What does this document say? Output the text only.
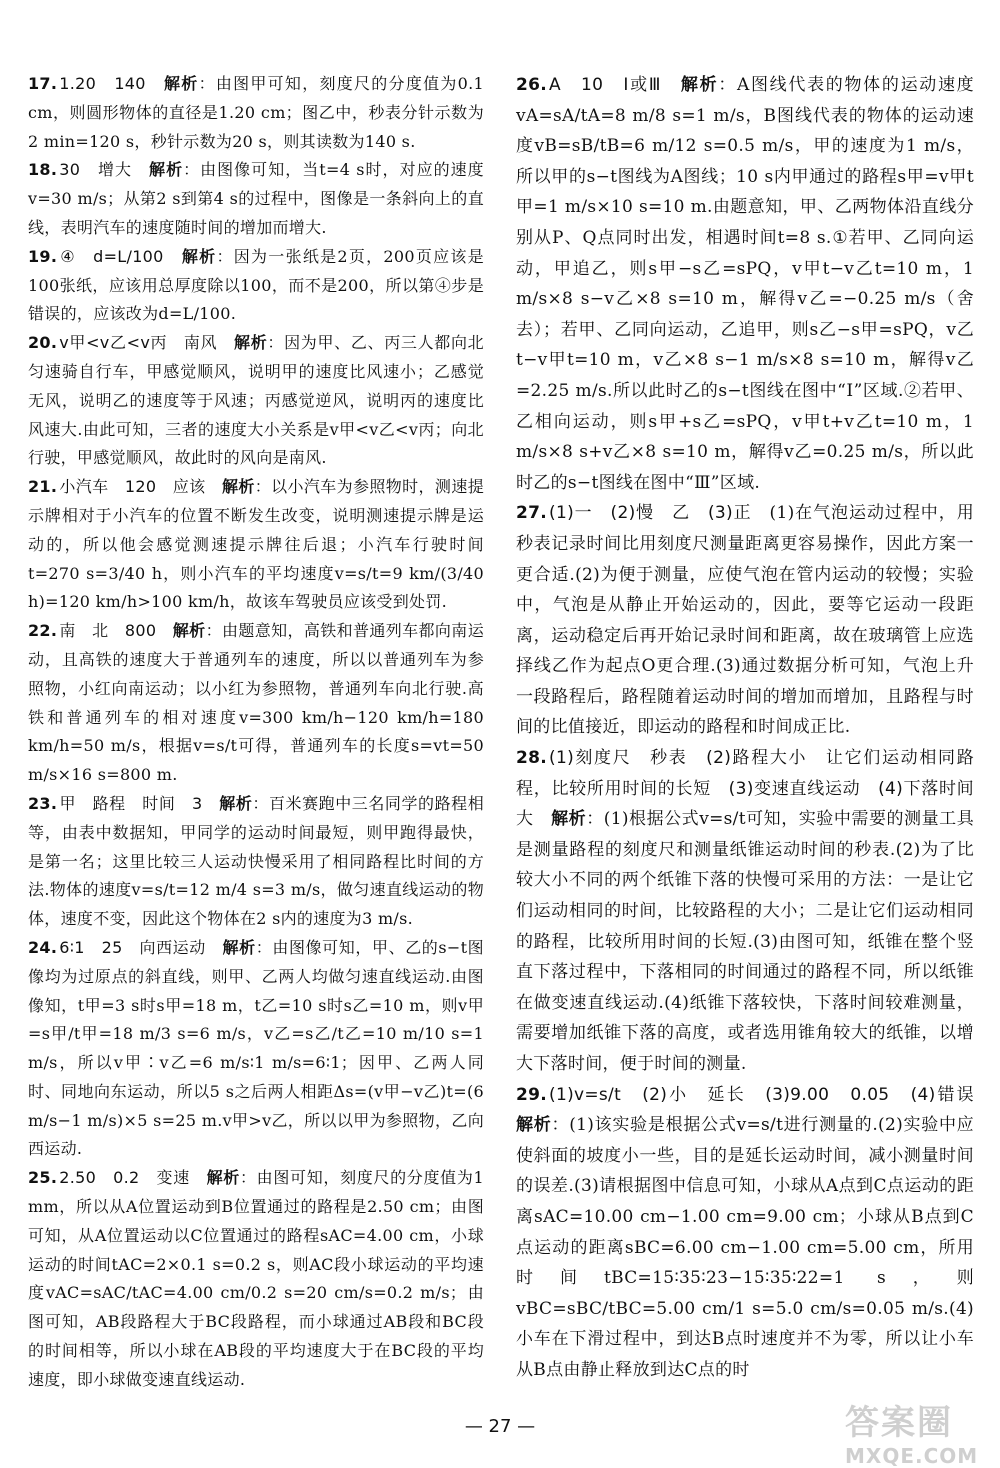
17. 1.20　140　 解析：由图甲可知，刻度尺的分度值为0.1 cm，则圆形物体的直径是1.20 cm；图乙中，秒表分针示数为2 min=120 s，秒针示数为20 s，则其读数为140 s.

18. 30　增大　 解析：由图像可知，当t=4 s时，对应的速度v=30 m/s；从第2 s到第4 s的过程中，图像是一条斜向上的直线，表明汽车的速度随时间的增加而增大.

19. ④　d=L/100　 解析：因为一张纸是2页，200页应该是100张纸，应该用总厚度除以100，而不是200，所以第④步是错误的，应该改为d=L/100.

20. v甲<v乙<v丙　南风　 解析：因为甲、乙、丙三人都向北匀速骑自行车，甲感觉顺风，说明甲的速度比风速小；乙感觉无风，说明乙的速度等于风速；丙感觉逆风，说明丙的速度比风速大.由此可知，三者的速度大小关系是v甲<v乙<v丙；向北行驶，甲感觉顺风，故此时的风向是南风.

21. 小汽车　120　应该　 解析：以小汽车为参照物时，测速提示牌相对于小汽车的位置不断发生改变，说明测速提示牌是运动的，所以他会感觉测速提示牌往后退；小汽车行驶时间t=270 s=3/40 h，则小汽车的平均速度v=s/t=9 km/(3/40 h)=120 km/h>100 km/h，故该车驾驶员应该受到处罚.

22. 南　北　800　 解析：由题意知，高铁和普通列车都向南运动，且高铁的速度大于普通列车的速度，所以以普通列车为参照物，小红向南运动；以小红为参照物，普通列车向北行驶.高铁和普通列车的相对速度v=300 km/h−120 km/h=180 km/h=50 m/s，根据v=s/t可得，普通列车的长度s=vt=50 m/s×16 s=800 m.

23. 甲　路程　时间　3　 解析：百米赛跑中三名同学的路程相等，由表中数据知，甲同学的运动时间最短，则甲跑得最快，是第一名；这里比较三人运动快慢采用了相同路程比时间的方法.物体的速度v=s/t=12 m/4 s=3 m/s，做匀速直线运动的物体，速度不变，因此这个物体在2 s内的速度为3 m/s.

24. 6∶1　25　向西运动　 解析：由图像可知，甲、乙的s−t图像均为过原点的斜直线，则甲、乙两人均做匀速直线运动.由图像知，t甲=3 s时s甲=18 m，t乙=10 s时s乙=10 m，则v甲=s甲/t甲=18 m/3 s=6 m/s，v乙=s乙/t乙=10 m/10 s=1 m/s，所以v甲∶v乙=6 m/s∶1 m/s=6∶1；因甲、乙两人同时、同地向东运动，所以5 s之后两人相距Δs=(v甲−v乙)t=(6 m/s−1 m/s)×5 s=25 m.v甲>v乙，所以以甲为参照物，乙向西运动.

25. 2.50　0.2　变速　 解析：由图可知，刻度尺的分度值为1 mm，所以从A位置运动到B位置通过的路程是2.50 cm；由图可知，从A位置运动以C位置通过的路程sAC=4.00 cm，小球运动的时间tAC=2×0.1 s=0.2 s，则AC段小球运动的平均速度vAC=sAC/tAC=4.00 cm/0.2 s=20 cm/s=0.2 m/s；由图可知，AB段路程大于BC段路程，而小球通过AB段和BC段的时间相等，所以小球在AB段的平均速度大于在BC段的平均速度，即小球做变速直线运动.

26. A　10　Ⅰ或Ⅲ　 解析：A图线代表的物体的运动速度vA=sA/tA=8 m/8 s=1 m/s，B图线代表的物体的运动速度vB=sB/tB=6 m/12 s=0.5 m/s，甲的速度为1 m/s，所以甲的s−t图线为A图线；10 s内甲通过的路程s甲=v甲t甲=1 m/s×10 s=10 m.由题意知，甲、乙两物体沿直线分别从P、Q点同时出发，相遇时间t=8 s.①若甲、乙同向运动，甲追乙，则s甲−s乙=sPQ，v甲t−v乙t=10 m，1 m/s×8 s−v乙×8 s=10 m，解得v乙=−0.25 m/s（舍去）；若甲、乙同向运动，乙追甲，则s乙−s甲=sPQ，v乙t−v甲t=10 m，v乙×8 s−1 m/s×8 s=10 m，解得v乙=2.25 m/s.所以此时乙的s−t图线在图中“Ⅰ”区域.②若甲、乙相向运动，则s甲+s乙=sPQ，v甲t+v乙t=10 m，1 m/s×8 s+v乙×8 s=10 m，解得v乙=0.25 m/s，所以此时乙的s−t图线在图中“Ⅲ”区域.

27. (1)一　(2)慢　乙　(3)正　 (1)在气泡运动过程中，用秒表记录时间比用刻度尺测量距离更容易操作，因此方案一更合适.(2)为便于测量，应使气泡在管内运动的较慢；实验中，气泡是从静止开始运动的，因此，要等它运动一段距离，运动稳定后再开始记录时间和距离，故在玻璃管上应选择线乙作为起点O更合理.(3)通过数据分析可知，气泡上升一段路程后，路程随着运动时间的增加而增加，且路程与时间的比值接近，即运动的路程和时间成正比.

28. (1)刻度尺　秒表　(2)路程大小　让它们运动相同路程，比较所用时间的长短　(3)变速直线运动　(4)下落时间　大　 解析：(1)根据公式v=s/t可知，实验中需要的测量工具是测量路程的刻度尺和测量纸锥运动时间的秒表.(2)为了比较大小不同的两个纸锥下落的快慢可采用的方法：一是让它们运动相同的时间，比较路程的大小；二是让它们运动相同的路程，比较所用时间的长短.(3)由图可知，纸锥在整个竖直下落过程中，下落相同的时间通过的路程不同，所以纸锥在做变速直线运动.(4)纸锥下落较快，下落时间较难测量，需要增加纸锥下落的高度，或者选用锥角较大的纸锥，以增大下落时间，便于时间的测量.

29. (1)v=s/t　(2)小　延长　(3)9.00　0.05　(4)错误　解析：(1)该实验是根据公式v=s/t进行测量的.(2)实验中应使斜面的坡度小一些，目的是延长运动时间，减小测量时间的误差.(3)请根据图中信息可知，小球从A点到C点运动的距离sAC=10.00 cm−1.00 cm=9.00 cm；小球从B点到C点运动的距离sBC=6.00 cm−1.00 cm=5.00 cm，所用时间tBC=15∶35∶23−15∶35∶22=1 s，则vBC=sBC/tBC=5.00 cm/1 s=5.0 cm/s=0.05 m/s.(4)小车在下滑过程中，到达B点时速度并不为零，所以让小车从B点由静止释放到达C点的时

— 27 —	答案圈
MXQE.COM
